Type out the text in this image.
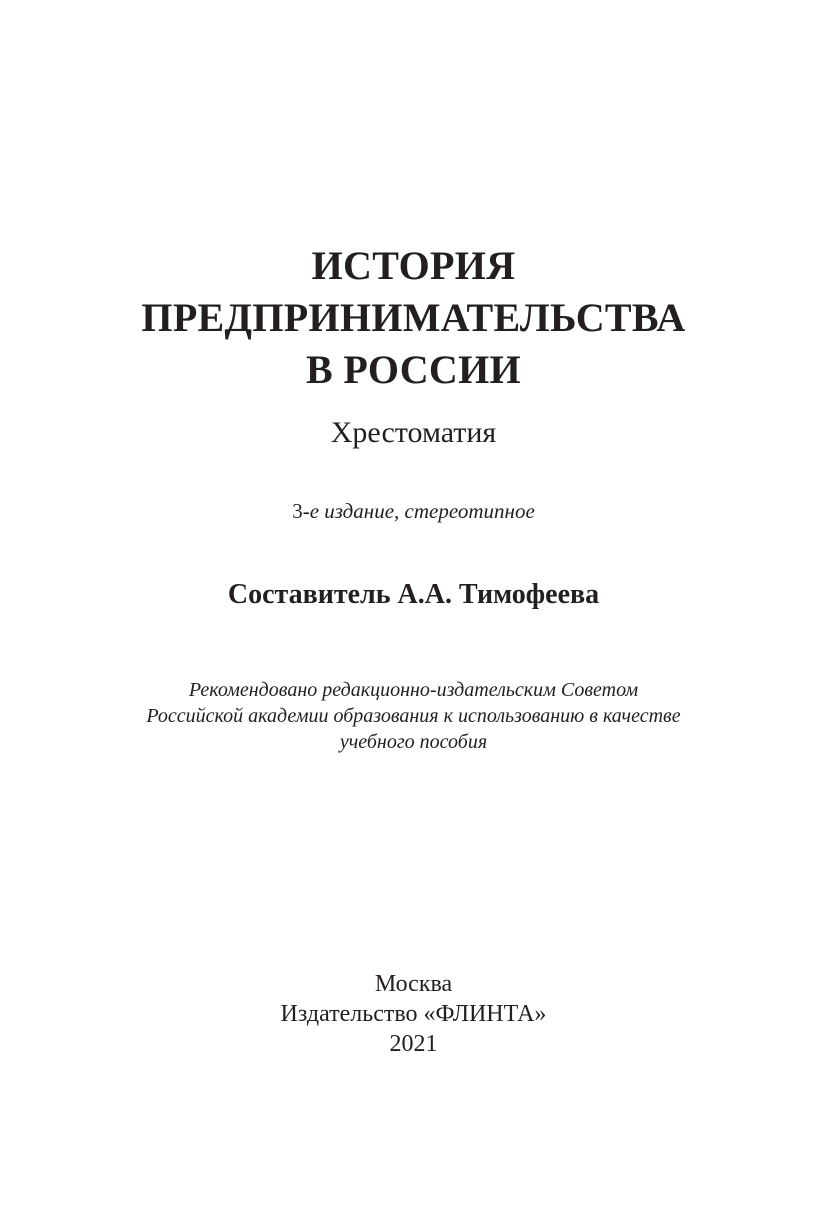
ИСТОРИЯ
ПРЕДПРИНИМАТЕЛЬСТВА
В РОССИИ

Хрестоматия

3-е издание, стереотипное

Составитель А.А. Тимофеева

Рекомендовано редакционно-издательским Советом
Российской академии образования к использованию в качестве
учебного пособия

Москва
Издательство «ФЛИНТА»
2021
